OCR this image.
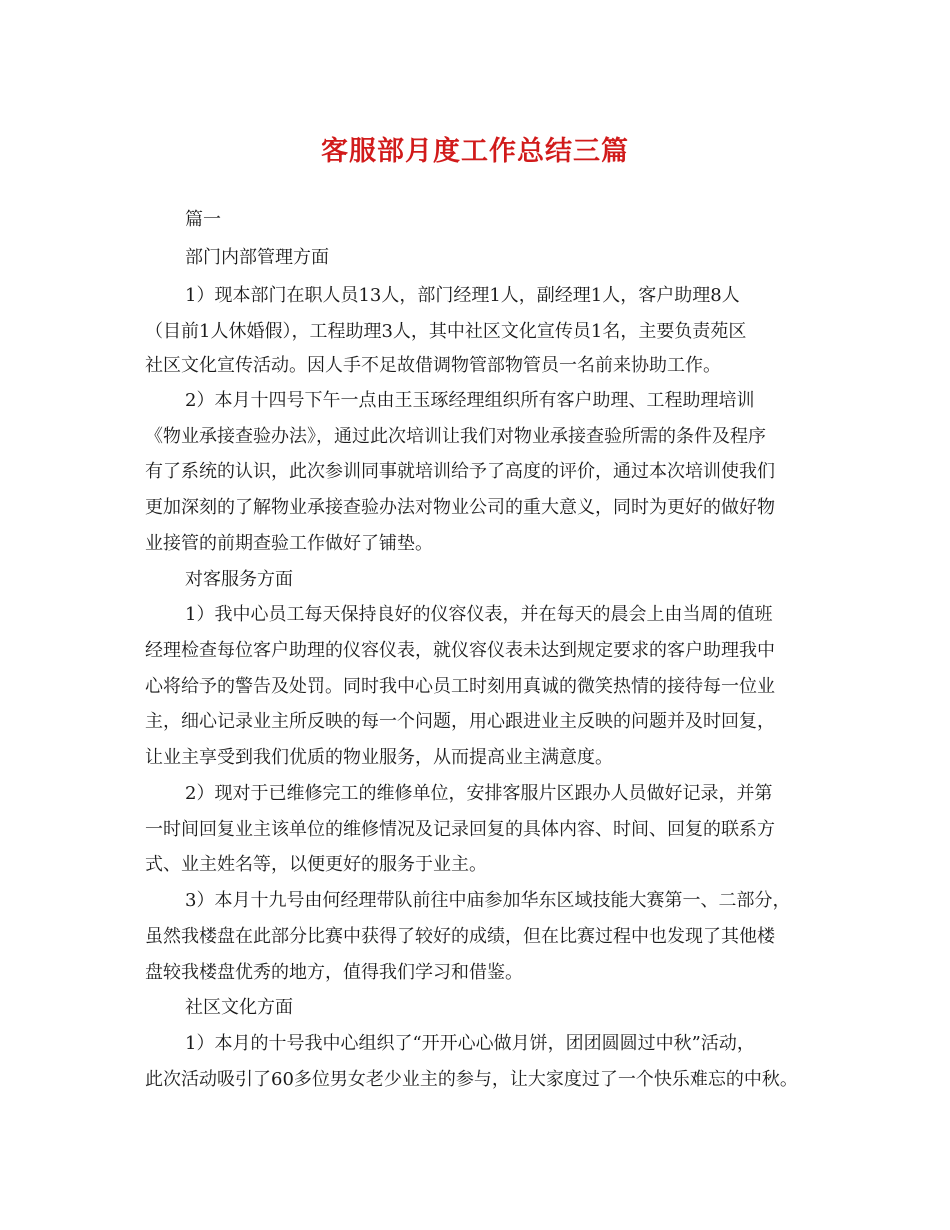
客服部月度工作总结三篇

篇一

部门内部管理方面

1）现本部门在职人员13人，部门经理1人，副经理1人，客户助理8人

（目前1人休婚假），工程助理3人，其中社区文化宣传员1名，主要负责苑区

社区文化宣传活动。因人手不足故借调物管部物管员一名前来协助工作。

2）本月十四号下午一点由王玉琢经理组织所有客户助理、工程助理培训

《物业承接查验办法》，通过此次培训让我们对物业承接查验所需的条件及程序

有了系统的认识，此次参训同事就培训给予了高度的评价，通过本次培训使我们

更加深刻的了解物业承接查验办法对物业公司的重大意义，同时为更好的做好物

业接管的前期查验工作做好了铺垫。

对客服务方面

1）我中心员工每天保持良好的仪容仪表，并在每天的晨会上由当周的值班

经理检查每位客户助理的仪容仪表，就仪容仪表未达到规定要求的客户助理我中

心将给予的警告及处罚。同时我中心员工时刻用真诚的微笑热情的接待每一位业

主，细心记录业主所反映的每一个问题，用心跟进业主反映的问题并及时回复，

让业主享受到我们优质的物业服务，从而提高业主满意度。

2）现对于已维修完工的维修单位，安排客服片区跟办人员做好记录，并第

一时间回复业主该单位的维修情况及记录回复的具体内容、时间、回复的联系方

式、业主姓名等，以便更好的服务于业主。

3）本月十九号由何经理带队前往中庙参加华东区域技能大赛第一、二部分，

虽然我楼盘在此部分比赛中获得了较好的成绩，但在比赛过程中也发现了其他楼

盘较我楼盘优秀的地方，值得我们学习和借鉴。

社区文化方面

1）本月的十号我中心组织了“开开心心做月饼，团团圆圆过中秋”活动，

此次活动吸引了60多位男女老少业主的参与，让大家度过了一个快乐难忘的中秋。
